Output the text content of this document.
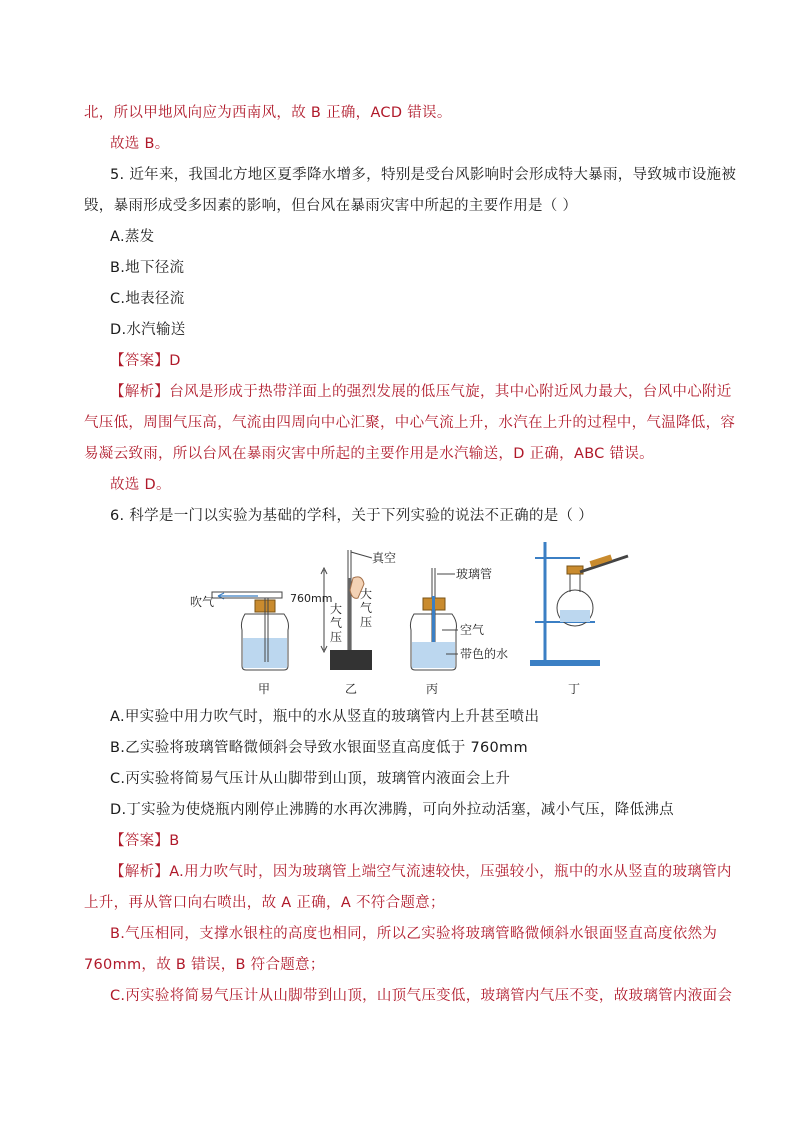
北，所以甲地风向应为西南风，故 B 正确，ACD 错误。
故选 B。
5. 近年来，我国北方地区夏季降水增多，特别是受台风影响时会形成特大暴雨，导致城市设施被
毁，暴雨形成受多因素的影响，但台风在暴雨灾害中所起的主要作用是（ ）
A.蒸发
B.地下径流
C.地表径流
D.水汽输送
【答案】D
【解析】台风是形成于热带洋面上的强烈发展的低压气旋，其中心附近风力最大，台风中心附近
气压低，周围气压高，气流由四周向中心汇聚，中心气流上升，水汽在上升的过程中，气温降低，容
易凝云致雨，所以台风在暴雨灾害中所起的主要作用是水汽输送，D 正确，ABC 错误。
故选 D。
6. 科学是一门以实验为基础的学科，关于下列实验的说法不正确的是（ ）
吹气
甲
真空
760mm
大
气
压
大
气
压
乙
玻璃管
空气
带色的水
丙	丁
A.甲实验中用力吹气时，瓶中的水从竖直的玻璃管内上升甚至喷出
B.乙实验将玻璃管略微倾斜会导致水银面竖直高度低于 760mm
C.丙实验将简易气压计从山脚带到山顶，玻璃管内液面会上升
D.丁实验为使烧瓶内刚停止沸腾的水再次沸腾，可向外拉动活塞，减小气压，降低沸点
【答案】B
【解析】A.用力吹气时，因为玻璃管上端空气流速较快，压强较小，瓶中的水从竖直的玻璃管内
上升，再从管口向右喷出，故 A 正确，A 不符合题意；
B.气压相同，支撑水银柱的高度也相同，所以乙实验将玻璃管略微倾斜水银面竖直高度依然为
760mm，故 B 错误，B 符合题意；
C.丙实验将简易气压计从山脚带到山顶，山顶气压变低，玻璃管内气压不变，故玻璃管内液面会
